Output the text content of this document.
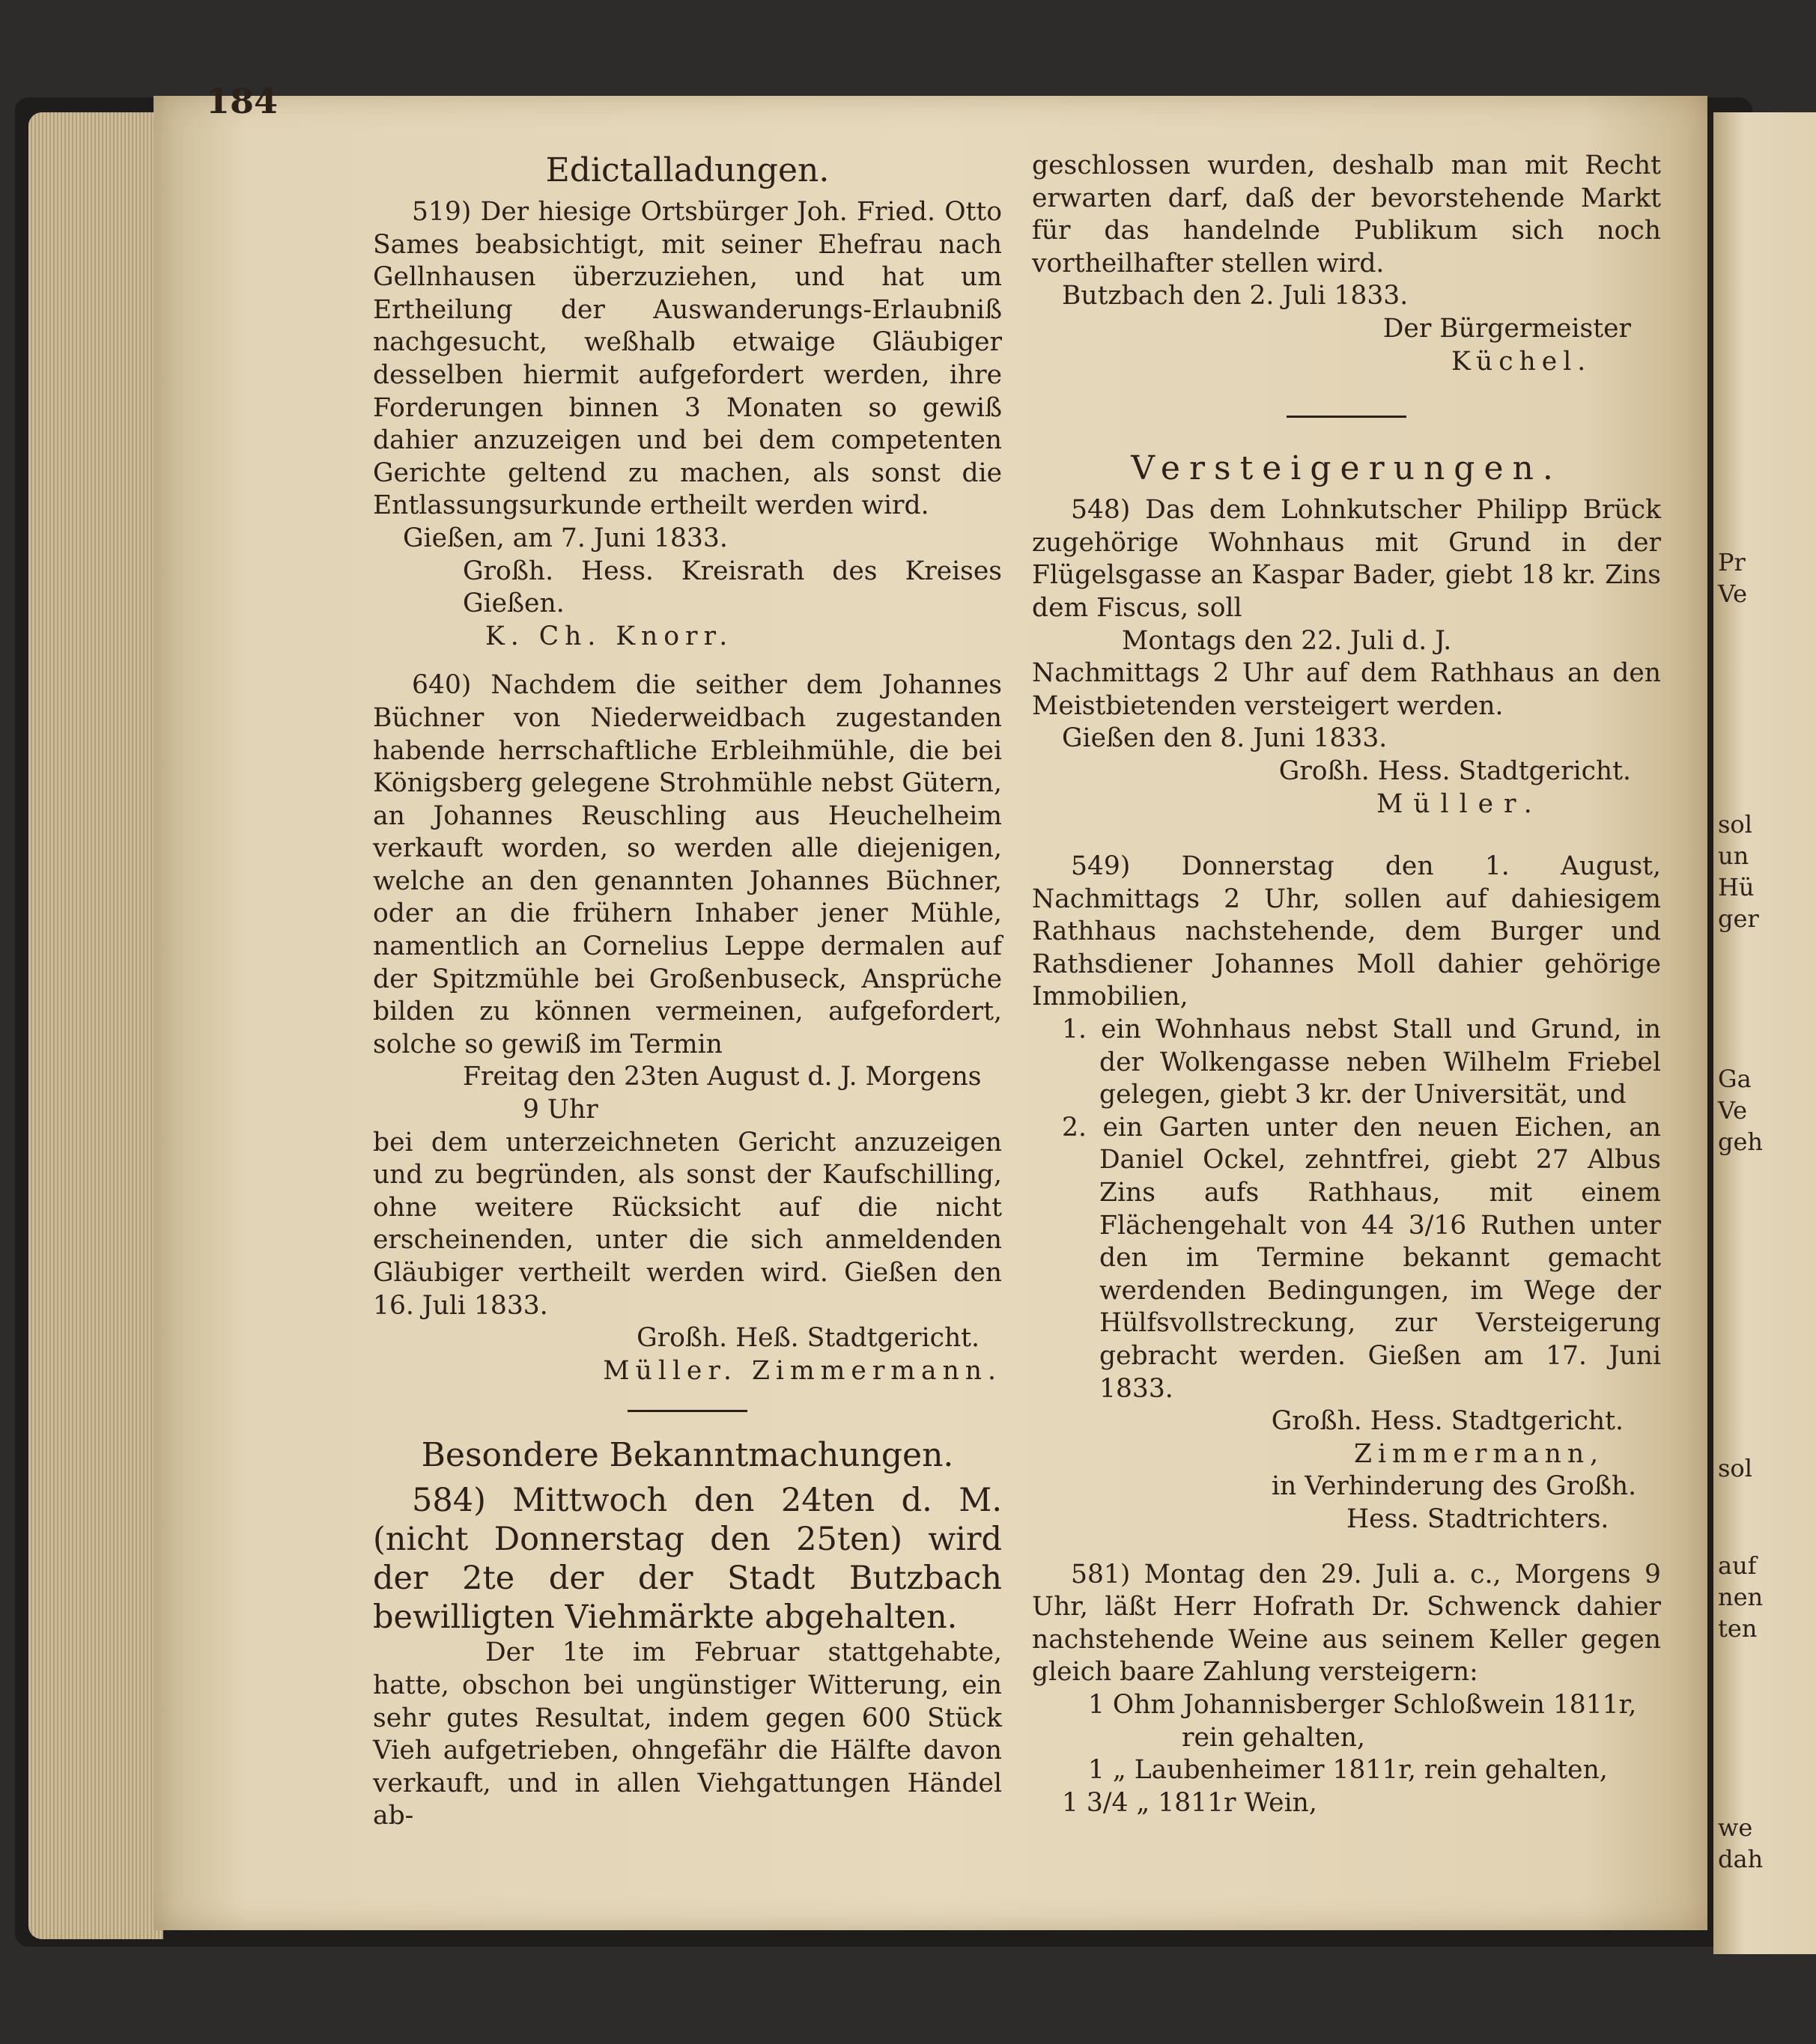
Pr
Ve
sol
un
Hü
ger
Ga
Ve
geh
sol
auf
nen
ten
we
dah
184
Edictalladungen.

519) Der hiesige Ortsbürger Joh. Fried. Otto Sames beabsichtigt, mit seiner Ehefrau nach Gellnhausen überzuziehen, und hat um Ertheilung der Auswanderungs-Erlaubniß nachgesucht, weßhalb etwaige Gläubiger desselben hiermit aufgefordert werden, ihre Forderungen binnen 3 Monaten so gewiß dahier anzuzeigen und bei dem competenten Gerichte geltend zu machen, als sonst die Entlassungsurkunde ertheilt werden wird.

Gießen, am 7. Juni 1833.

Großh. Hess. Kreisrath des Kreises Gießen.

K. Ch. Knorr.

640) Nachdem die seither dem Johannes Büchner von Niederweidbach zugestanden habende herrschaftliche Erbleihmühle, die bei Königsberg gelegene Strohmühle nebst Gütern, an Johannes Reuschling aus Heuchelheim verkauft worden, so werden alle diejenigen, welche an den genannten Johannes Büchner, oder an die frühern Inhaber jener Mühle, namentlich an Cornelius Leppe dermalen auf der Spitzmühle bei Großenbuseck, Ansprüche bilden zu können vermeinen, aufgefordert, solche so gewiß im Termin

Freitag den 23ten August d. J. Morgens

9 Uhr

bei dem unterzeichneten Gericht anzuzeigen und zu begründen, als sonst der Kaufschilling, ohne weitere Rücksicht auf die nicht erscheinenden, unter die sich anmeldenden Gläubiger vertheilt werden wird. Gießen den 16. Juli 1833.

Großh. Heß. Stadtgericht.

Müller. Zimmermann.

Besondere Bekanntmachungen.

584) Mittwoch den 24ten d. M. (nicht Donnerstag den 25ten) wird der 2te der der Stadt Butzbach bewilligten Viehmärkte abgehalten.

Der 1te im Februar stattgehabte, hatte, obschon bei ungünstiger Witterung, ein sehr gutes Resultat, indem gegen 600 Stück Vieh aufgetrieben, ohngefähr die Hälfte davon verkauft, und in allen Viehgattungen Händel ab-

geschlossen wurden, deshalb man mit Recht erwarten darf, daß der bevorstehende Markt für das handelnde Publikum sich noch vortheilhafter stellen wird.

Butzbach den 2. Juli 1833.

Der Bürgermeister

Küchel.

Versteigerungen.

548) Das dem Lohnkutscher Philipp Brück zugehörige Wohnhaus mit Grund in der Flügelsgasse an Kaspar Bader, giebt 18 kr. Zins dem Fiscus, soll

Montags den 22. Juli d. J.

Nachmittags 2 Uhr auf dem Rathhaus an den Meistbietenden versteigert werden.

Gießen den 8. Juni 1833.

Großh. Hess. Stadtgericht.

Müller.

549) Donnerstag den 1. August, Nachmittags 2 Uhr, sollen auf dahiesigem Rathhaus nachstehende, dem Burger und Rathsdiener Johannes Moll dahier gehörige Immobilien,

1. ein Wohnhaus nebst Stall und Grund, in der Wolkengasse neben Wilhelm Friebel gelegen, giebt 3 kr. der Universität, und

2. ein Garten unter den neuen Eichen, an Daniel Ockel, zehntfrei, giebt 27 Albus Zins aufs Rathhaus, mit einem Flächengehalt von 44 3/16 Ruthen unter den im Termine bekannt gemacht werdenden Bedingungen, im Wege der Hülfsvollstreckung, zur Versteigerung gebracht werden. Gießen am 17. Juni 1833.

Großh. Hess. Stadtgericht.

Zimmermann,

in Verhinderung des Großh.

Hess. Stadtrichters.

581) Montag den 29. Juli a. c., Morgens 9 Uhr, läßt Herr Hofrath Dr. Schwenck dahier nachstehende Weine aus seinem Keller gegen gleich baare Zahlung versteigern:

1 Ohm Johannisberger Schloßwein 1811r,

rein gehalten,

1 „ Laubenheimer 1811r, rein gehalten,

1 3/4 „ 1811r Wein,
